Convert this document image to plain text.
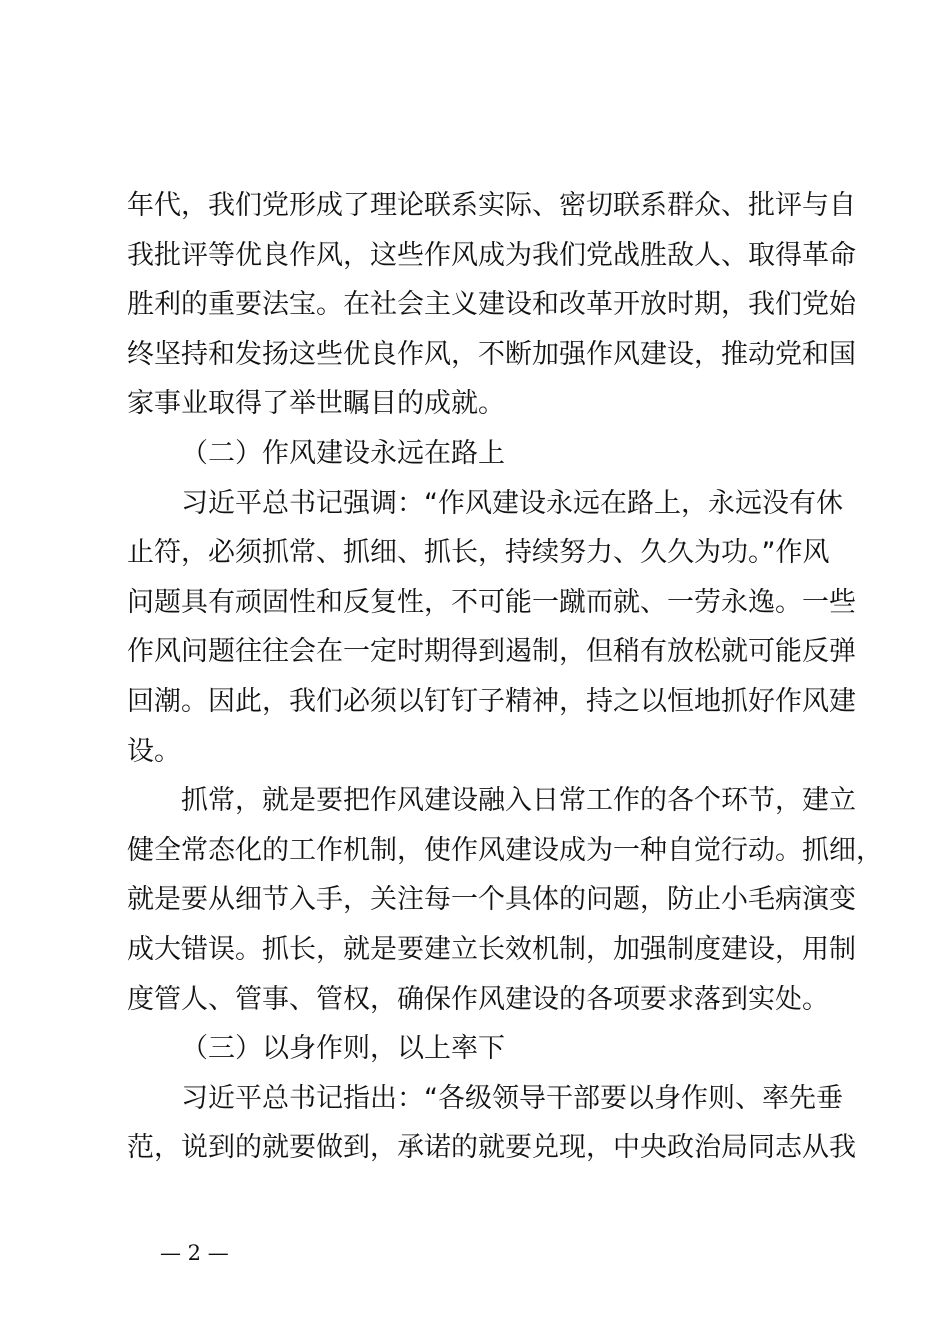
年代，我们党形成了理论联系实际、密切联系群众、批评与自
我批评等优良作风，这些作风成为我们党战胜敌人、取得革命
胜利的重要法宝。在社会主义建设和改革开放时期，我们党始
终坚持和发扬这些优良作风，不断加强作风建设，推动党和国
家事业取得了举世瞩目的成就。
（二）作风建设永远在路上
习近平总书记强调：“作风建设永远在路上，永远没有休
止符，必须抓常、抓细、抓长，持续努力、久久为功。”作风
问题具有顽固性和反复性，不可能一蹴而就、一劳永逸。一些
作风问题往往会在一定时期得到遏制，但稍有放松就可能反弹
回潮。因此，我们必须以钉钉子精神，持之以恒地抓好作风建
设。
抓常，就是要把作风建设融入日常工作的各个环节，建立
健全常态化的工作机制，使作风建设成为一种自觉行动。抓细，
就是要从细节入手，关注每一个具体的问题，防止小毛病演变
成大错误。抓长，就是要建立长效机制，加强制度建设，用制
度管人、管事、管权，确保作风建设的各项要求落到实处。
（三）以身作则，以上率下
习近平总书记指出：“各级领导干部要以身作则、率先垂
范，说到的就要做到，承诺的就要兑现，中央政治局同志从我
— 2 —
